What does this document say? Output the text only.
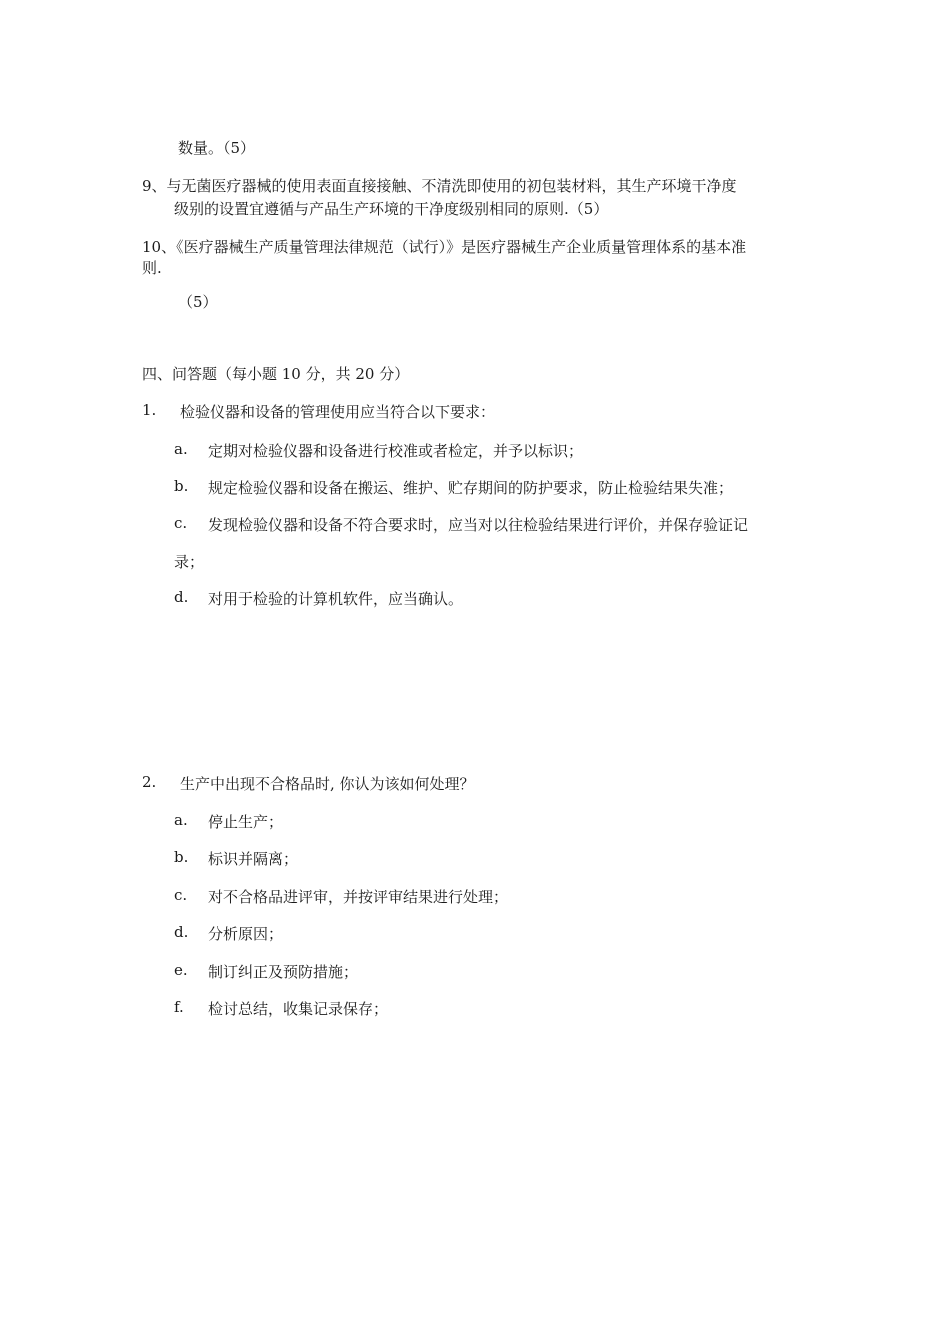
数量。（5）
9、与无菌医疗器械的使用表面直接接触、不清洗即使用的初包装材料，其生产环境干净度
级别的设置宜遵循与产品生产环境的干净度级别相同的原则.（5）
10、《医疗器械生产质量管理法律规范（试行）》是医疗器械生产企业质量管理体系的基本准
则.
（5）
四、问答题（每小题 10 分，共 20 分）
1. 检验仪器和设备的管理使用应当符合以下要求：
a. 定期对检验仪器和设备进行校准或者检定，并予以标识；
b. 规定检验仪器和设备在搬运、维护、贮存期间的防护要求，防止检验结果失准；
c. 发现检验仪器和设备不符合要求时，应当对以往检验结果进行评价，并保存验证记
录；
d. 对用于检验的计算机软件，应当确认。
2. 生产中出现不合格品时, 你认为该如何处理？
a. 停止生产；
b. 标识并隔离；
c. 对不合格品进评审，并按评审结果进行处理；
d. 分析原因；
e. 制订纠正及预防措施；
f. 检讨总结，收集记录保存；
